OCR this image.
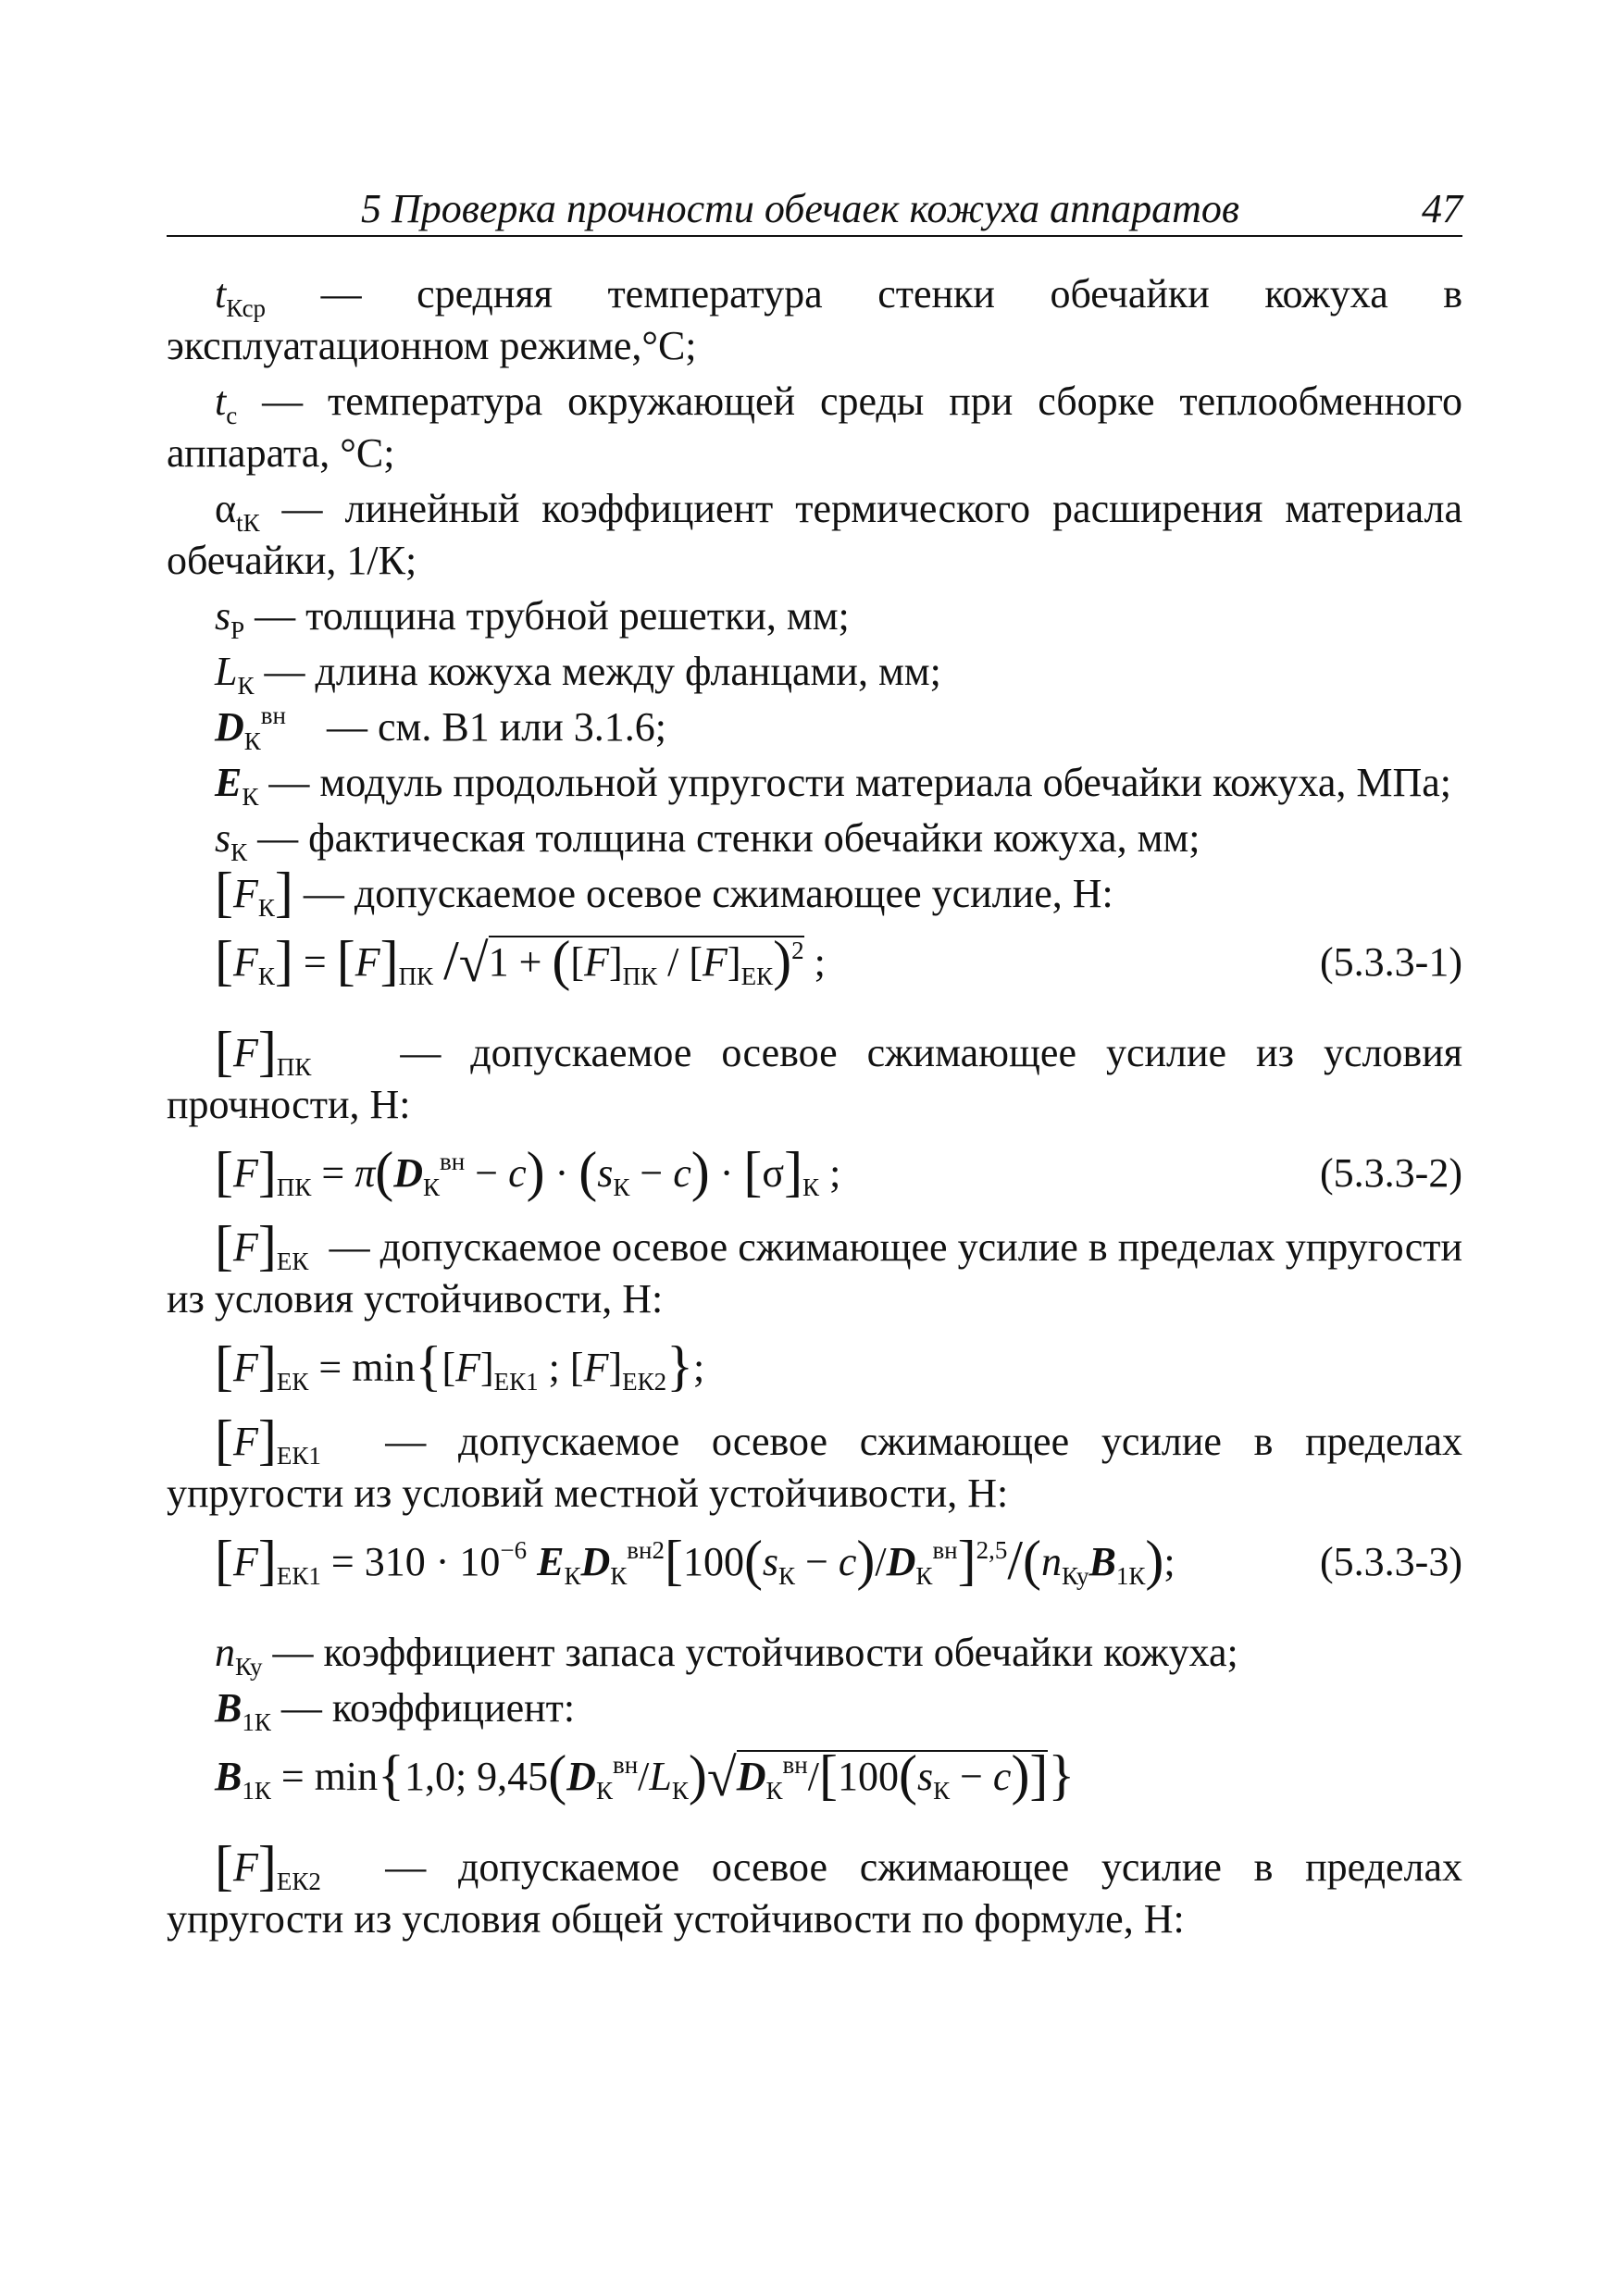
5 Проверка прочности обечаек кожуха аппаратов	47

$t_{Кср}$ — средняя температура стенки обечайки кожуха в эксплуатационном режиме,°С;

$t_с$ — температура окружающей среды при сборке теплообменного аппарата, °С;

$\alpha_{tК}$ — линейный коэффициент термического расширения материала обечайки, 1/К;

$s_Р$ — толщина трубной решетки, мм;

$L_К$ — длина кожуха между фланцами, мм;

$D_К^{вн}$ — см. В1 или 3.1.6;

$E_К$ — модуль продольной упругости материала обечайки кожуха, МПа;

$s_К$ — фактическая толщина стенки обечайки кожуха, мм;

$[F_К]$ — допускаемое осевое сжимающее усилие, Н:

$[F_К] = [F]_{ПК}$ $/√1 + ([F]_{ПК} / [F]_{ЕК})^2$ ;	(5.3.3-1)

$[F]_{ПК}$ — допускаемое осевое сжимающее усилие из условия прочности, Н:

$[F]_{ПК} = \pi(D_К^{вн} - c) \cdot (s_К - c) \cdot [\sigma]_К$ ;	(5.3.3-2)

$[F]_{ЕК}$ — допускаемое осевое сжимающее усилие в пределах упругости из условия устойчивости, Н:

$[F]_{ЕК} = \min\{[F]_{ЕК1}$ ; $[F]_{ЕК2}$};

$[F]_{ЕК1}$ — допускаемое осевое сжимающее усилие в пределах упругости из условий местной устойчивости, Н:

$[F]_{ЕК1} = 310 \cdot 10^{-6}$ $E_КD_К^{вн2}[100(s_К - c)/D_К^{вн}]^{2,5}/(n_{Ку}B_{1К})$;	(5.3.3-3)

$n_{Ку}$ — коэффициент запаса устойчивости обечайки кожуха;

$B_{1К}$ — коэффициент:

$B_{1К} = \min\{1,0$; $9,45(D_К^{вн}/L_К)√D_К^{вн}/[100(s_К - c)]$}

$[F]_{ЕК2}$ — допускаемое осевое сжимающее усилие в пределах упругости из условия общей устойчивости по формуле, Н:
